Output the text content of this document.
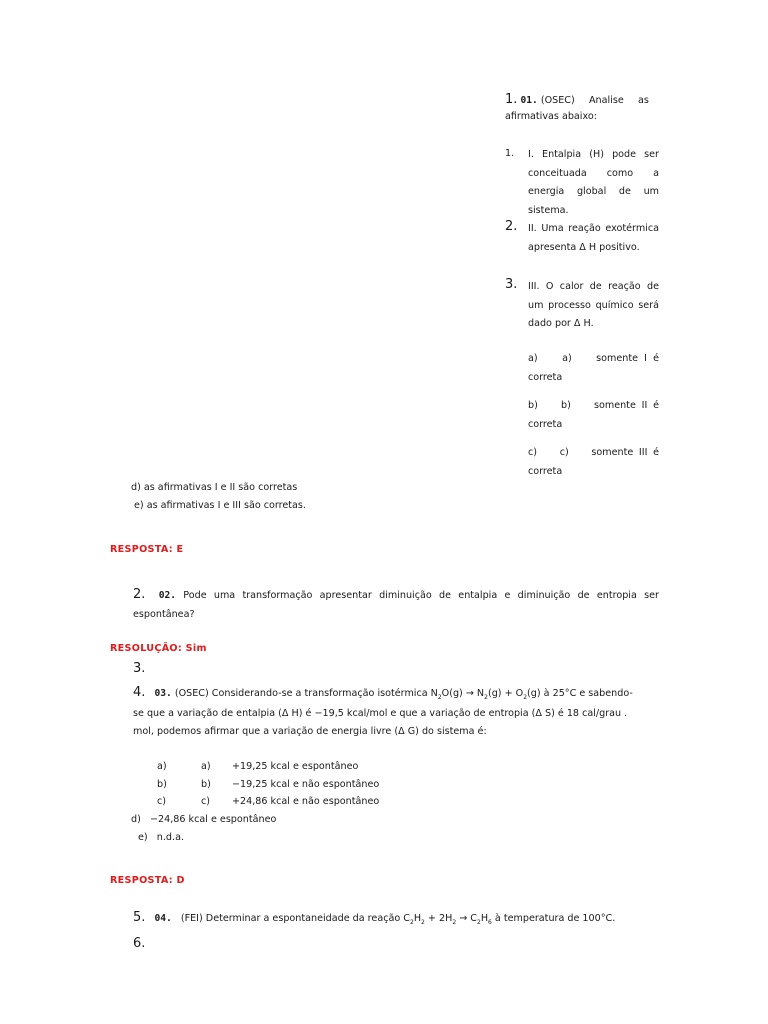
1. 01. (OSEC) Analise as
afirmativas abaixo:
1. I. Entalpia (H) pode ser conceituada como a energia global de um sistema.
2. II. Uma reação exotérmica apresenta Δ H positivo.
3. III. O calor de reação de um processo químico será dado por Δ H.
a)    a)    somente I é correta
b)    b)    somente II é correta
c)    c)    somente III é correta
d) as afirmativas I e II são corretas
e) as afirmativas I e III são corretas.
RESPOSTA: E
2. 02. Pode uma transformação apresentar diminuição de entalpia e diminuição de entropia ser espontânea?
RESOLUÇÃO: Sim
3.
4. 03. (OSEC) Considerando-se a transformação isotérmica $N_2O(g) \to N_2(g) + O_2(g)$ à 25°C e sabendo-
se que a variação de entalpia (Δ H) é −19,5 kcal/mol e que a variação de entropia (Δ S) é 18 cal/grau .
mol, podemos afirmar que a variação de energia livre (Δ G) do sistema é:
a)	a) +19,25 kcal e espontâneo
b)	b) −19,25 kcal e não espontâneo
c)	c) +24,86 kcal e não espontâneo
d)   −24,86 kcal e espontâneo
e)   n.d.a.
RESPOSTA: D
5. 04. (FEI) Determinar a espontaneidade da reação $C_2H_2 + 2H_2 \to C_2H_6$ à temperatura de 100°C.
6.
